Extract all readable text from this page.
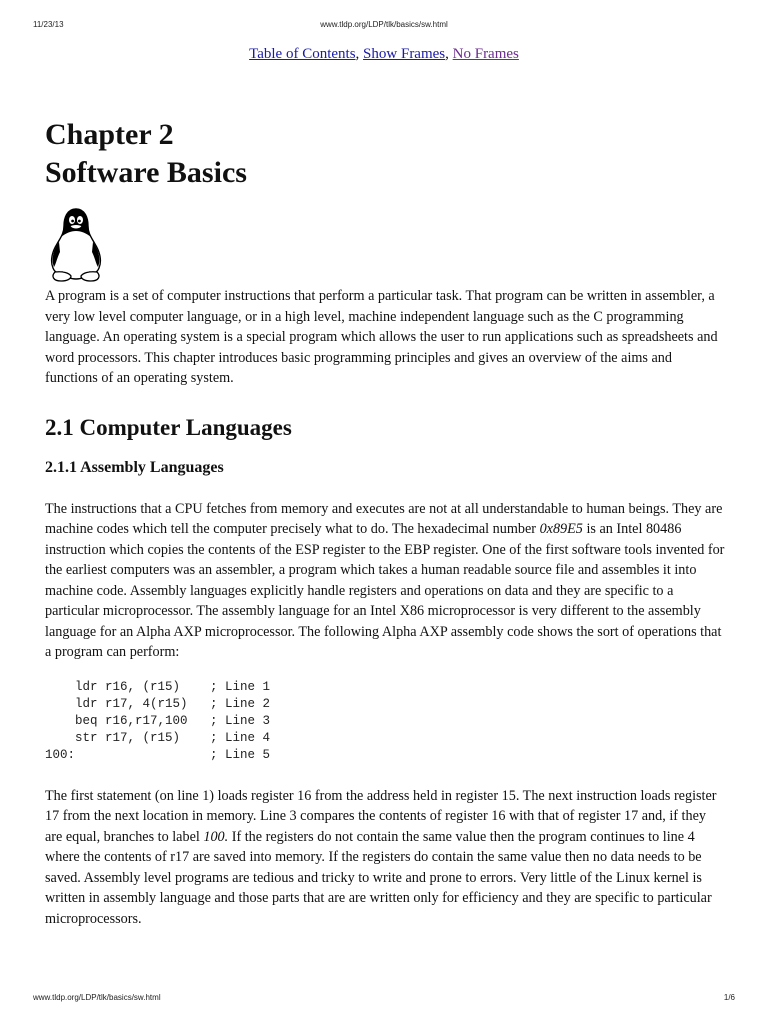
11/23/13	www.tldp.org/LDP/tlk/basics/sw.html
Table of Contents, Show Frames, No Frames
Chapter 2
Software Basics

A program is a set of computer instructions that perform a particular task. That program can be written in assembler, a very low level computer language, or in a high level, machine independent language such as the C programming language. An operating system is a special program which allows the user to run applications such as spreadsheets and word processors. This chapter introduces basic programming principles and gives an overview of the aims and functions of an operating system.

2.1 Computer Languages
2.1.1 Assembly Languages

The instructions that a CPU fetches from memory and executes are not at all understandable to human beings. They are machine codes which tell the computer precisely what to do. The hexadecimal number 0x89E5 is an Intel 80486 instruction which copies the contents of the ESP register to the EBP register. One of the first software tools invented for the earliest computers was an assembler, a program which takes a human readable source file and assembles it into machine code. Assembly languages explicitly handle registers and operations on data and they are specific to a particular microprocessor. The assembly language for an Intel X86 microprocessor is very different to the assembly language for an Alpha AXP microprocessor. The following Alpha AXP assembly code shows the sort of operations that a program can perform:

ldr r16, (r15)    ; Line 1
ldr r17, 4(r15)   ; Line 2
beq r16,r17,100   ; Line 3
str r17, (r15)    ; Line 4
100:                  ; Line 5

The first statement (on line 1) loads register 16 from the address held in register 15. The next instruction loads register 17 from the next location in memory. Line 3 compares the contents of register 16 with that of register 17 and, if they are equal, branches to label 100. If the registers do not contain the same value then the program continues to line 4 where the contents of r17 are saved into memory. If the registers do contain the same value then no data needs to be saved. Assembly level programs are tedious and tricky to write and prone to errors. Very little of the Linux kernel is written in assembly language and those parts that are are written only for efficiency and they are specific to particular microprocessors.

www.tldp.org/LDP/tlk/basics/sw.html	1/6
